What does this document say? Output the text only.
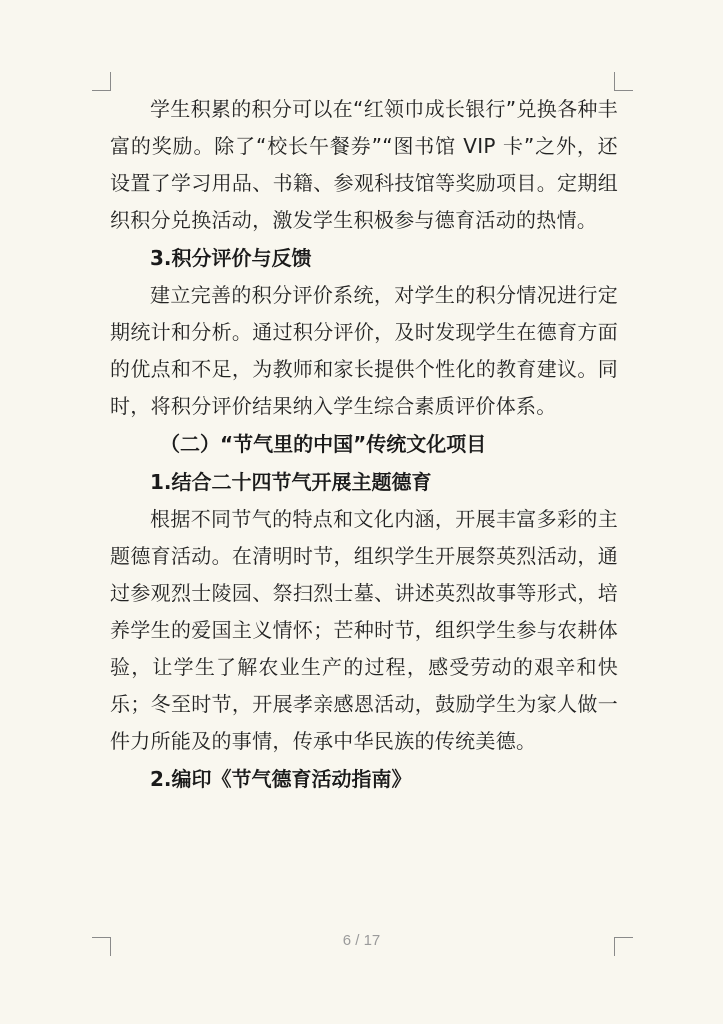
学生积累的积分可以在“红领巾成长银行”兑换各种丰富的奖励。除了“校长午餐券”“图书馆 VIP 卡”之外，还设置了学习用品、书籍、参观科技馆等奖励项目。定期组织积分兑换活动，激发学生积极参与德育活动的热情。

3.积分评价与反馈

建立完善的积分评价系统，对学生的积分情况进行定期统计和分析。通过积分评价，及时发现学生在德育方面的优点和不足，为教师和家长提供个性化的教育建议。同时，将积分评价结果纳入学生综合素质评价体系。

（二）“节气里的中国”传统文化项目

1.结合二十四节气开展主题德育

根据不同节气的特点和文化内涵，开展丰富多彩的主题德育活动。在清明时节，组织学生开展祭英烈活动，通过参观烈士陵园、祭扫烈士墓、讲述英烈故事等形式，培养学生的爱国主义情怀；芒种时节，组织学生参与农耕体验，让学生了解农业生产的过程，感受劳动的艰辛和快乐；冬至时节，开展孝亲感恩活动，鼓励学生为家人做一件力所能及的事情，传承中华民族的传统美德。

2.编印《节气德育活动指南》

6 / 17
